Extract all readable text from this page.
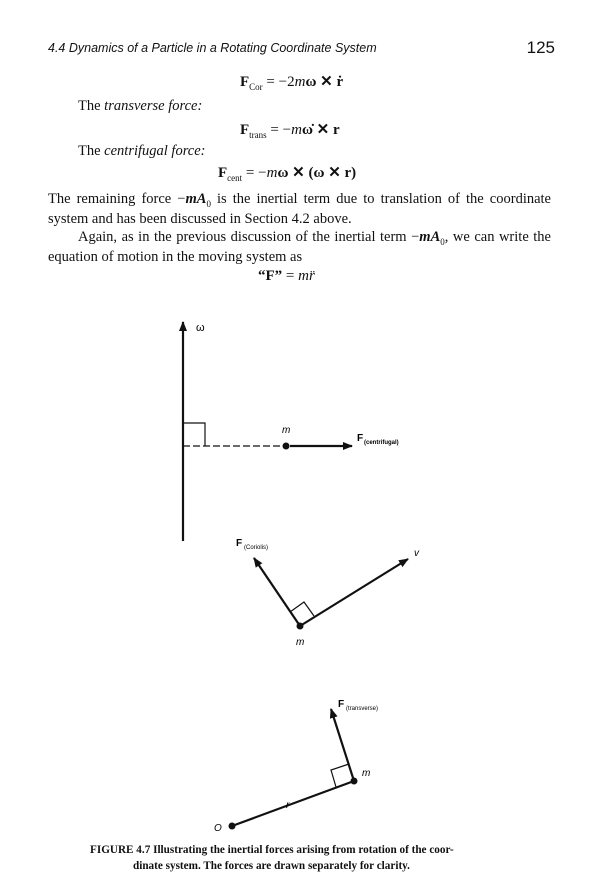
4.4 Dynamics of a Particle in a Rotating Coordinate System	125
$F_{Cor} = -2m\omega$ ✕ ṙ
The transverse force:
$F_{trans}$ = −mω̇ ✕ r
The centrifugal force:
$F_{cent} = -m\omega$ ✕ (ω ✕ r)
The remaining force $-mA_0$ is the inertial term due to translation of the coordinate system and has been discussed in Section 4.2 above.
Again, as in the previous discussion of the inertial term $-mA_0$, we can write the equation of motion in the moving system as
“F” = mr̈
ω
m
F (centrifugal)
v
F (Coriolis)
m
r
O
m
F (transverse)
FIGURE 4.7 Illustrating the inertial forces arising from rotation of the coor-
dinate system. The forces are drawn separately for clarity.
